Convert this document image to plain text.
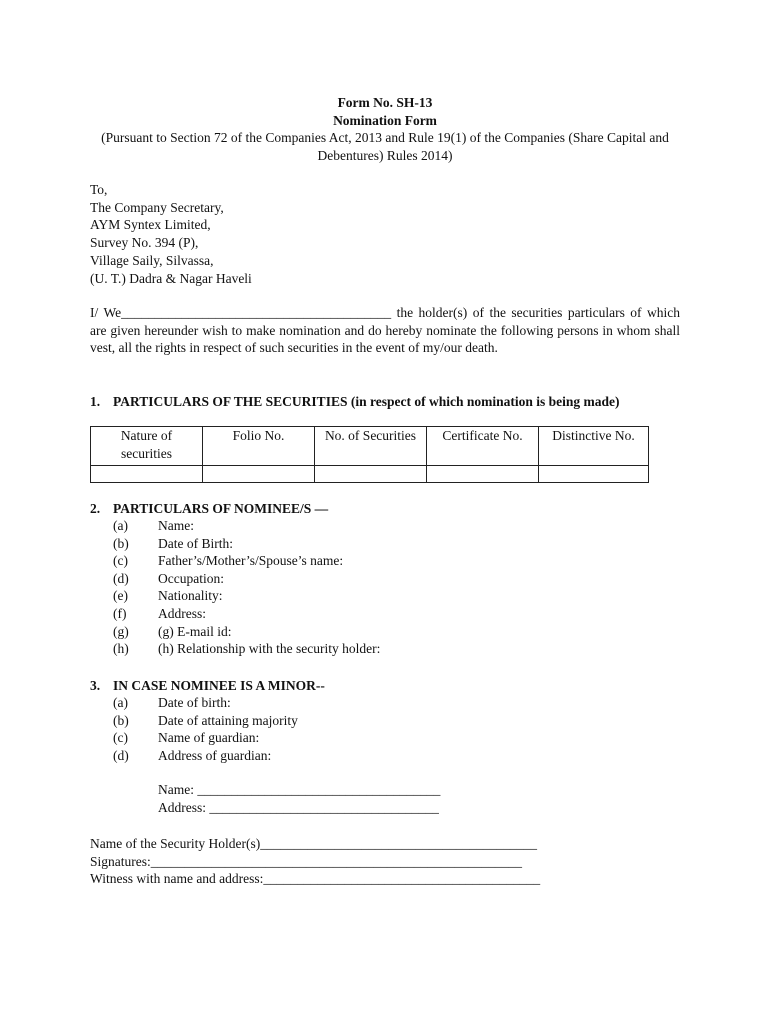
Form No. SH-13
Nomination Form
(Pursuant to Section 72 of the Companies Act, 2013 and Rule 19(1) of the Companies (Share Capital and Debentures) Rules 2014)
To,
The Company Secretary,
AYM Syntex Limited,
Survey No. 394 (P),
Village Saily, Silvassa,
(U. T.) Dadra & Nagar Haveli
I/ We________________________________________ the holder(s) of the securities particulars of which are given hereunder wish to make nomination and do hereby nominate the following persons in whom shall vest, all the rights in respect of such securities in the event of my/our death.
1. PARTICULARS OF THE SECURITIES (in respect of which nomination is being made)
Nature of securities	Folio No.	No. of Securities	Certificate No.	Distinctive No.

2. PARTICULARS OF NOMINEE/S —
(a) Name:
(b) Date of Birth:
(c) Father’s/Mother’s/Spouse’s name:
(d) Occupation:
(e) Nationality:
(f) Address:
(g) (g) E-mail id:
(h) (h) Relationship with the security holder:
3. IN CASE NOMINEE IS A MINOR--
(a) Date of birth:
(b) Date of attaining majority
(c) Name of guardian:
(d) Address of guardian:
Name: ____________________________________
Address: __________________________________
Name of the Security Holder(s)_________________________________________
Signatures:_______________________________________________________
Witness with name and address:_________________________________________
